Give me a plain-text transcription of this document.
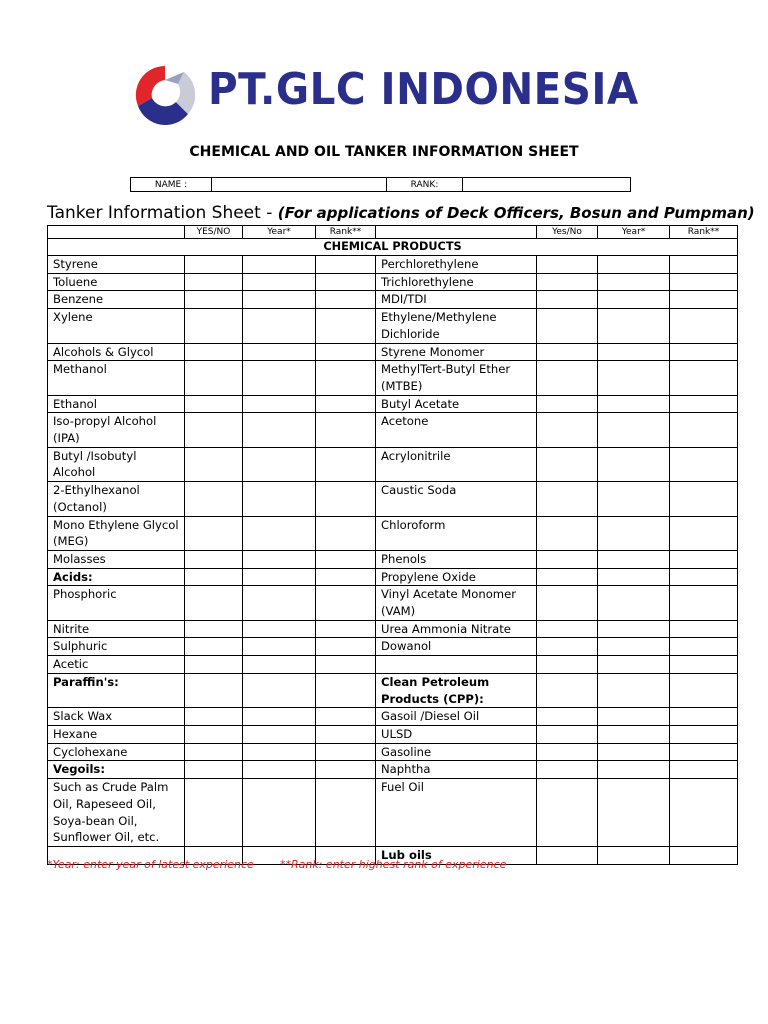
PT.GLC INDONESIA
CHEMICAL AND OIL TANKER INFORMATION SHEET
NAME :		RANK:	
Tanker Information Sheet - (For applications of Deck Officers, Bosun and Pumpman)
	YES/NO	Year*	Rank**		Yes/No	Year*	Rank**
CHEMICAL PRODUCTS							
Styrene				Perchlorethylene			
Toluene				Trichlorethylene			
Benzene				MDI/TDI			
Xylene				Ethylene/Methylene Dichloride			
Alcohols & Glycol				Styrene Monomer			
Methanol				MethylTert-Butyl Ether (MTBE)			
Ethanol				Butyl Acetate			
Iso-propyl Alcohol (IPA)				Acetone			
Butyl /Isobutyl Alcohol				Acrylonitrile			
2-Ethylhexanol (Octanol)				Caustic Soda			
Mono Ethylene Glycol (MEG)				Chloroform			
Molasses				Phenols			
Acids:				Propylene Oxide			
Phosphoric				Vinyl Acetate Monomer (VAM)			
Nitrite				Urea Ammonia Nitrate			
Sulphuric				Dowanol			
Acetic							
Paraffin's:				Clean Petroleum Products (CPP):			
Slack Wax				Gasoil /Diesel Oil			
Hexane				ULSD			
Cyclohexane				Gasoline			
Vegoils:				Naphtha			
Such as Crude Palm Oil, Rapeseed Oil, Soya-bean Oil, Sunflower Oil, etc.				Fuel Oil			
				Lub oils			
*Year: enter year of latest experience **Rank: enter highest rank of experience
